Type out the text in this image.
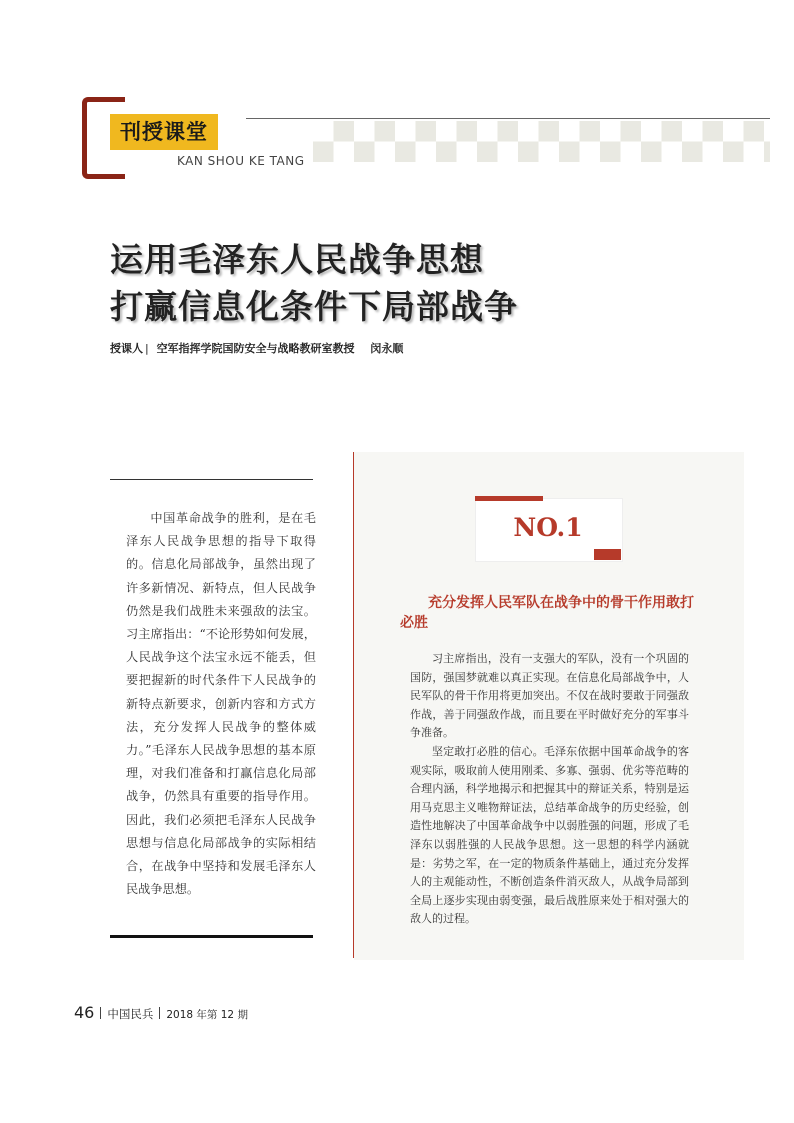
刊授课堂
KAN SHOU KE TANG
运用毛泽东人民战争思想
打赢信息化条件下局部战争
授课人 | 空军指挥学院国防安全与战略教研室教授 闵永顺

中国革命战争的胜利，是在毛泽东人民战争思想的指导下取得的。信息化局部战争，虽然出现了许多新情况、新特点，但人民战争仍然是我们战胜未来强敌的法宝。习主席指出：“不论形势如何发展，人民战争这个法宝永远不能丢，但要把握新的时代条件下人民战争的新特点新要求，创新内容和方式方法，充分发挥人民战争的整体威力。”毛泽东人民战争思想的基本原理，对我们准备和打赢信息化局部战争，仍然具有重要的指导作用。因此，我们必须把毛泽东人民战争思想与信息化局部战争的实际相结合，在战争中坚持和发展毛泽东人民战争思想。

NO.1

充分发挥人民军队在战争中的骨干作用敢打必胜

习主席指出，没有一支强大的军队，没有一个巩固的国防，强国梦就难以真正实现。在信息化局部战争中，人民军队的骨干作用将更加突出。不仅在战时要敢于同强敌作战，善于同强敌作战，而且要在平时做好充分的军事斗争准备。

坚定敢打必胜的信心。毛泽东依据中国革命战争的客观实际，吸取前人使用刚柔、多寡、强弱、优劣等范畴的合理内涵，科学地揭示和把握其中的辩证关系，特别是运用马克思主义唯物辩证法，总结革命战争的历史经验，创造性地解决了中国革命战争中以弱胜强的问题，形成了毛泽东以弱胜强的人民战争思想。这一思想的科学内涵就是：劣势之军，在一定的物质条件基础上，通过充分发挥人的主观能动性，不断创造条件消灭敌人，从战争局部到全局上逐步实现由弱变强，最后战胜原来处于相对强大的敌人的过程。

46 中国民兵 2018 年第 12 期
